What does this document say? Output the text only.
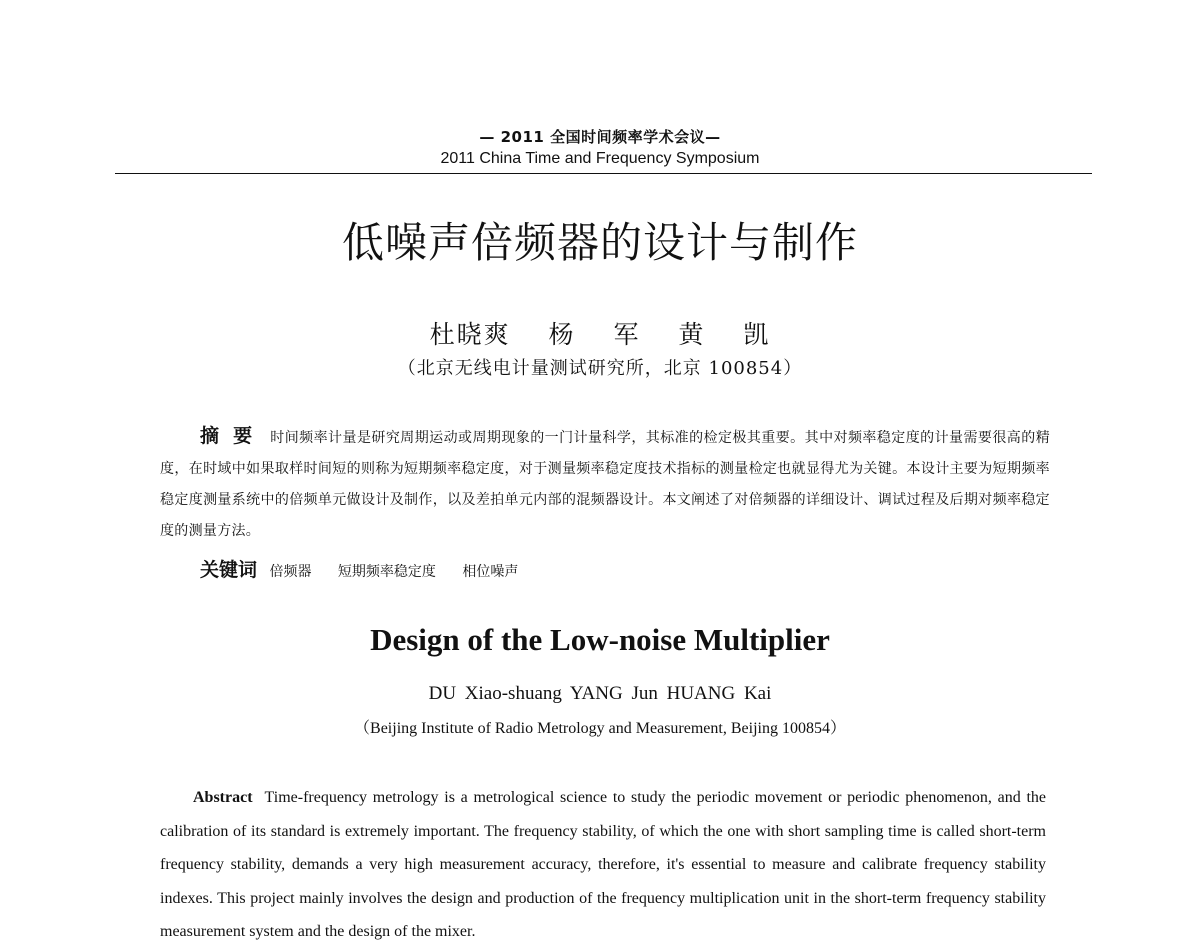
— 2011 全国时间频率学术会议—
2011 China Time and Frequency Symposium
低噪声倍频器的设计与制作
杜晓爽 杨 军 黄 凯
（北京无线电计量测试研究所，北京 100854）
摘要 时间频率计量是研究周期运动或周期现象的一门计量科学，其标准的检定极其重要。其中对频率稳定度的计量需要很高的精度，在时域中如果取样时间短的则称为短期频率稳定度，对于测量频率稳定度技术指标的测量检定也就显得尤为关键。本设计主要为短期频率稳定度测量系统中的倍频单元做设计及制作，以及差拍单元内部的混频器设计。本文阐述了对倍频器的详细设计、调试过程及后期对频率稳定度的测量方法。
关键词 倍频器 短期频率稳定度 相位噪声
Design of the Low-noise Multiplier
DU Xiao-shuang YANG Jun HUANG Kai
（Beijing Institute of Radio Metrology and Measurement, Beijing 100854）
Abstract Time-frequency metrology is a metrological science to study the periodic movement or periodic phenomenon, and the calibration of its standard is extremely important. The frequency stability, of which the one with short sampling time is called short-term frequency stability, demands a very high measurement accuracy, therefore, it's essential to measure and calibrate frequency stability indexes. This project mainly involves the design and production of the frequency multiplication unit in the short-term frequency stability measurement system and the design of the mixer.
